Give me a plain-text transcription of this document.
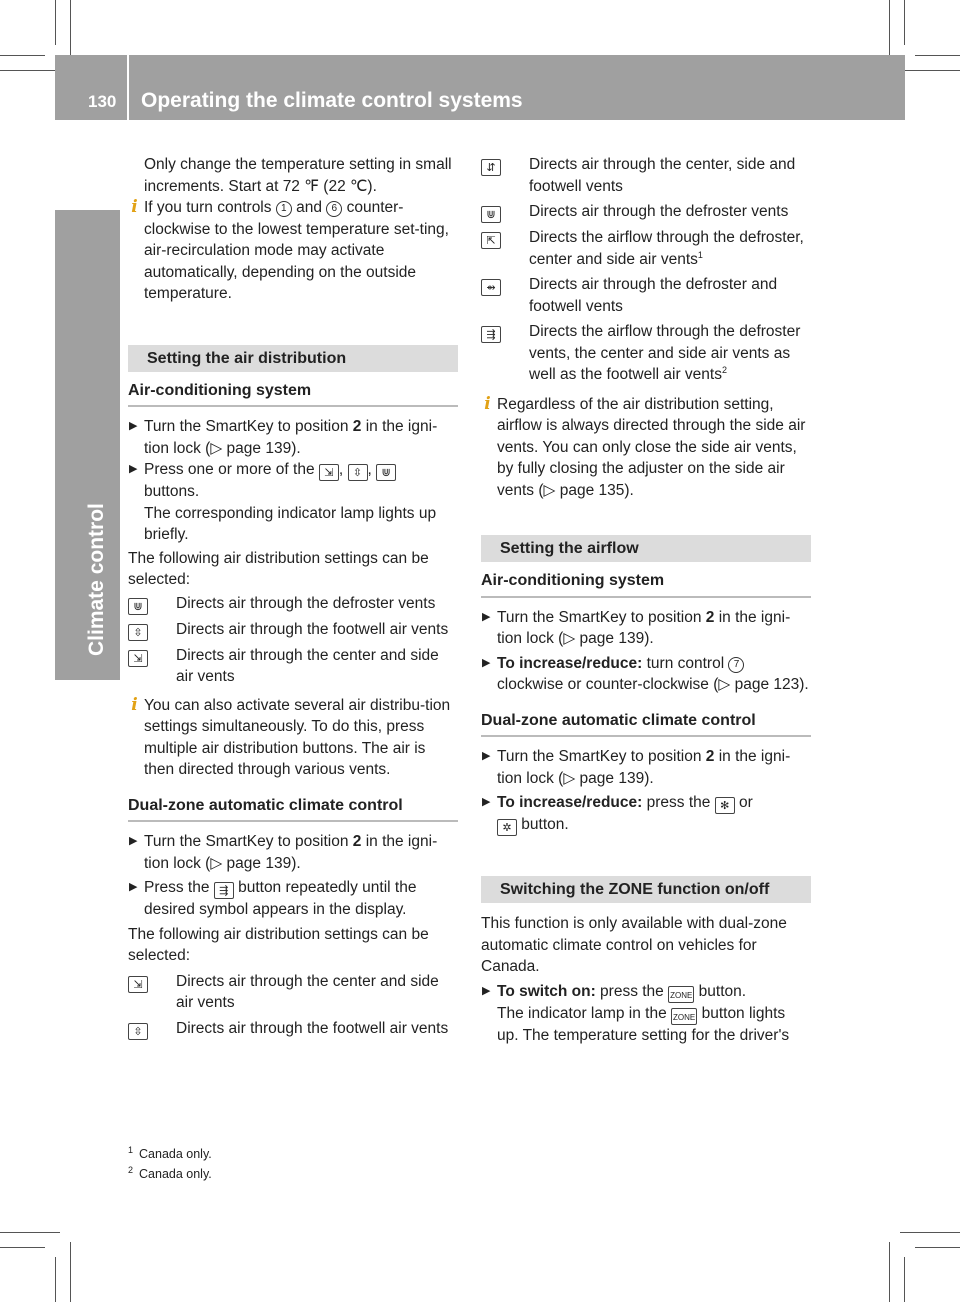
130 Operating the climate control systems
Climate control

Only change the temperature setting in small increments. Start at 72 ℉ (22 ℃).

i If you turn controls 1 and 6 counter-clockwise to the lowest temperature set-ting, air-recirculation mode may activate automatically, depending on the outside temperature.

Setting the air distribution
Air-conditioning system

▶ Turn the SmartKey to position 2 in the igni-tion lock (▷ page 139).

▶ Press one or more of the ⇲ , ⇳ , ⋓
buttons.
The corresponding indicator lamp lights up briefly.

The following air distribution settings can be selected:

⋓	Directs air through the defroster vents
⇳	Directs air through the footwell air vents
⇲	Directs air through the center and side air vents

i You can also activate several air distribu-tion settings simultaneously. To do this, press multiple air distribution buttons. The air is then directed through various vents.

Dual-zone automatic climate control

▶ Turn the SmartKey to position 2 in the igni-tion lock (▷ page 139).

▶ Press the ⇶ button repeatedly until the desired symbol appears in the display.

The following air distribution settings can be selected:

⇲	Directs air through the center and side air vents
⇳	Directs air through the footwell air vents
⇵	Directs air through the center, side and footwell vents
⋓	Directs air through the defroster vents
⇱	Directs the airflow through the defroster, center and side air vents$^1$
⇴	Directs air through the defroster and footwell vents
⇶	Directs the airflow through the defroster vents, the center and side air vents as well as the footwell air vents$^2$

i Regardless of the air distribution setting, airflow is always directed through the side air vents. You can only close the side air vents, by fully closing the adjuster on the side air vents (▷ page 135).

Setting the airflow
Air-conditioning system

▶ Turn the SmartKey to position 2 in the igni-tion lock (▷ page 139).

▶ To increase/reduce: turn control 7 clockwise or counter-clockwise (▷ page 123).

Dual-zone automatic climate control

▶ Turn the SmartKey to position 2 in the igni-tion lock (▷ page 139).

▶ To increase/reduce: press the ✻ or
✲ button.

Switching the ZONE function on/off

This function is only available with dual-zone automatic climate control on vehicles for Canada.

▶ To switch on: press the ZONE button.
The indicator lamp in the ZONE button lights up. The temperature setting for the driver's

$^1$ Canada only.
$^2$ Canada only.
